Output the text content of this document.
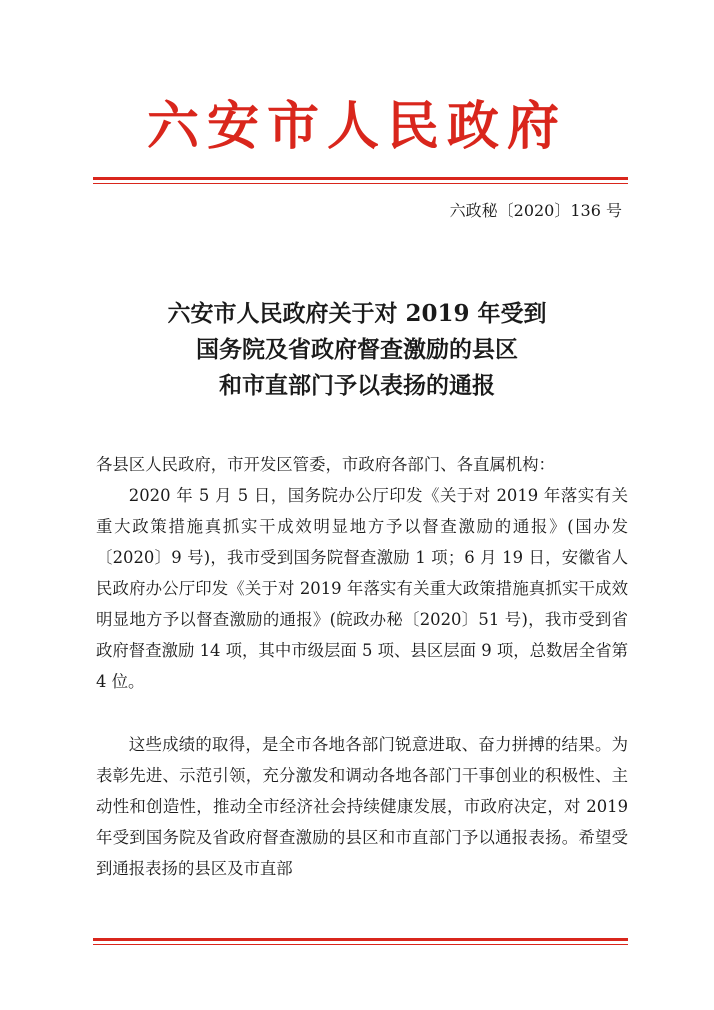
六安市人民政府
六政秘〔2020〕136 号
六安市人民政府关于对 2019 年受到
国务院及省政府督查激励的县区
和市直部门予以表扬的通报
各县区人民政府，市开发区管委，市政府各部门、各直属机构：
2020 年 5 月 5 日，国务院办公厅印发《关于对 2019 年落实有关重大政策措施真抓实干成效明显地方予以督查激励的通报》(国办发〔2020〕9 号)，我市受到国务院督查激励 1 项；6 月 19 日，安徽省人民政府办公厅印发《关于对 2019 年落实有关重大政策措施真抓实干成效明显地方予以督查激励的通报》(皖政办秘〔2020〕51 号)，我市受到省政府督查激励 14 项，其中市级层面 5 项、县区层面 9 项，总数居全省第 4 位。
这些成绩的取得，是全市各地各部门锐意进取、奋力拼搏的结果。为表彰先进、示范引领，充分激发和调动各地各部门干事创业的积极性、主动性和创造性，推动全市经济社会持续健康发展，市政府决定，对 2019 年受到国务院及省政府督查激励的县区和市直部门予以通报表扬。希望受到通报表扬的县区及市直部
